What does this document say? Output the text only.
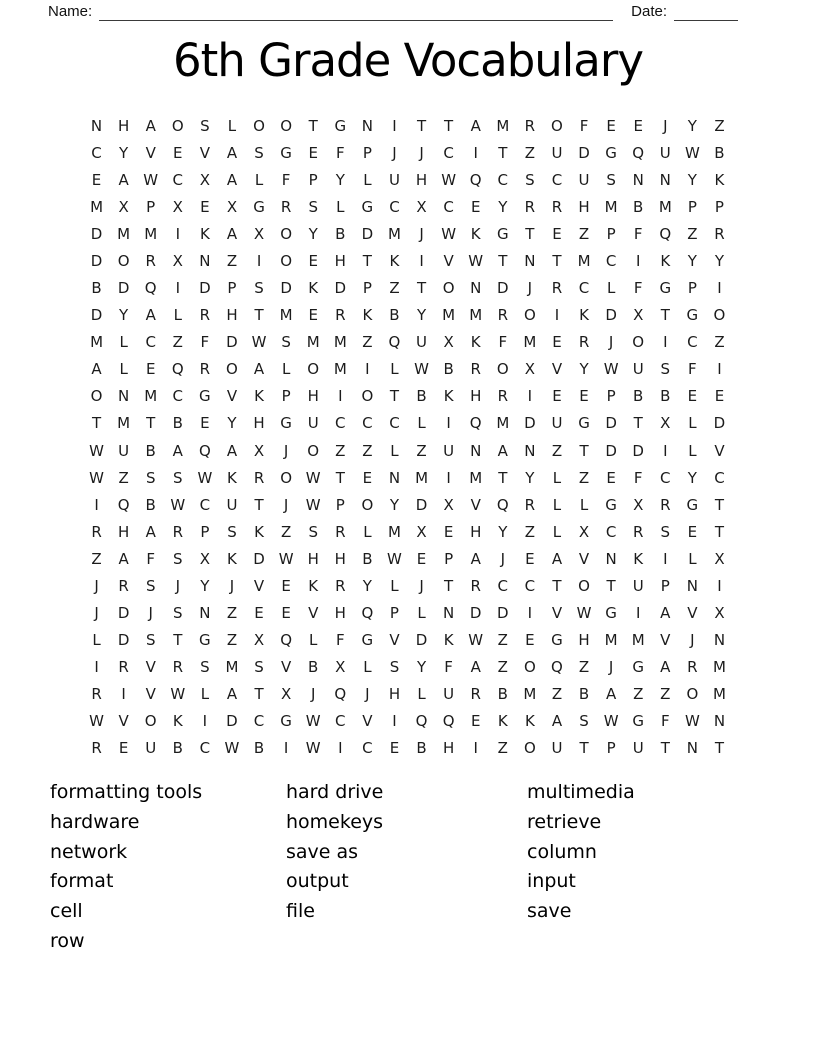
Name:	Date:
6th Grade Vocabulary
N	H	A	O	S	L	O	O	T	G	N	I	T	T	A	M	R	O	F	E	E	J	Y	Z
C	Y	V	E	V	A	S	G	E	F	P	J	J	C	I	T	Z	U	D	G	Q	U W B
E	A W C	X	A	L	F	P	Y	L	U	H W Q	C	S	C	U	S	N	N	Y	K
M	X	P	X	E	X	G	R	S	L	G	C	X	C	E	Y	R	R	H M	B	M	P	P
D M M	I	K	A	X	O	Y	B	D M	J	W K	G	T	E	Z	P	F	Q	Z	R
D	O	R	X	N	Z	I	O	E	H	T	K	I	V W	T	N	T	M	C	I	K	Y	Y
B	D	Q	I	D	P	S	D	K	D	P	Z	T	O	N	D	J	R	C	L	F	G	P	I
D	Y	A	L	R	H	T	M	E	R	K	B	Y	M M	R	O	I	K	D	X	T	G	O
M	L	C	Z	F	D W S	M M	Z	Q	U	X	K	F	M	E	R	J	O	I	C	Z
A	L	E	Q	R	O	A	L	O M	I	L	W B	R	O	X	V	Y	W U	S	F	I
O	N M	C	G	V	K	P	H	I	O	T	B	K	H	R	I	E	E	P	B	B	E	E
T	M	T	B	E	Y	H	G	U	C	C	C	L	I	Q M D	U	G	D	T	X	L	D
W U	B	A	Q	A	X	J	O	Z	Z	L	Z	U	N	A	N	Z	T	D	D	I	L	V
W Z	S	S W K	R	O W	T	E	N	M	I	M	T	Y	L	Z	E	F	C	Y	C
I	Q	B W C	U	T	J	W	P	O	Y	D	X	V	Q	R	L	L	G	X	R	G	T
R	H	A	R	P	S	K	Z	S	R	L	M	X	E	H	Y	Z	L	X	C	R	S	E	T
Z	A	F	S	X	K	D W H	H	B W E	P	A	J	E	A	V	N	K	I	L	X
J	R	S	J	Y	J	V	E	K	R	Y	L	J	T	R	C	C	T	O	T	U	P	N	I
J	D	J	S	N	Z	E	E	V	H	Q	P	L	N	D	D	I	V W G	I	A	V	X
L	D	S	T	G	Z	X	Q	L	F	G	V	D	K W Z	E	G	H M M	V	J	N
I	R	V	R	S	M	S	V	B	X	L	S	Y	F	A	Z	O	Q	Z	J	G	A	R	M
R	I	V W	L	A	T	X	J	Q	J	H	L	U	R	B	M	Z	B	A	Z	Z	O M
W V	O	K	I	D	C	G W C	V	I	Q	Q	E	K	K	A	S W G	F	W N
R	E	U	B	C W B	I	W	I	C	E	B	H	I	Z	O	U	T	P	U	T	N	T
formatting tools
hardware
network
format
cell
row
hard drive
homekeys
save as
output
file
multimedia
retrieve
column
input
save
